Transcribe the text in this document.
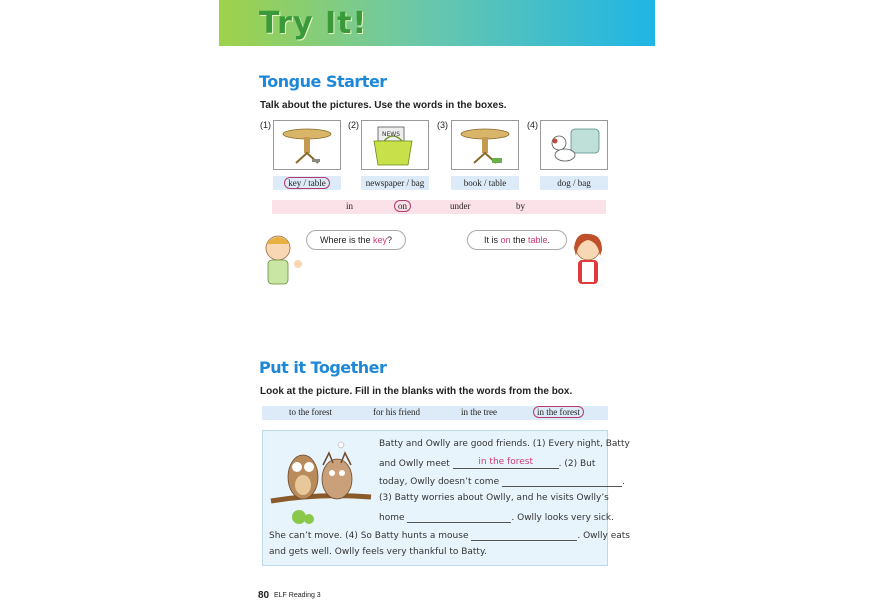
Try It!
Tongue Starter
Talk about the pictures. Use the words in the boxes.
(1)	(2)
NEWS
(3)	(4)
key / table	newspaper / bag	book / table	dog / bag
in	on	under	by
Where is the key?	It is on the table.
Put it Together
Look at the picture. Fill in the blanks with the words from the box.
to the forest	for his friend	in the tree	in the forest
Batty and Owlly are good friends. (1) Every night, Batty
and Owlly meet	in the forest	. (2) But
today, Owlly doesn’t come	.
(3) Batty worries about Owlly, and he visits Owlly’s
home	. Owlly looks very sick.
She can’t move. (4) So Batty hunts a mouse	. Owlly eats
and gets well. Owlly feels very thankful to Batty.
80 ELF Reading 3
